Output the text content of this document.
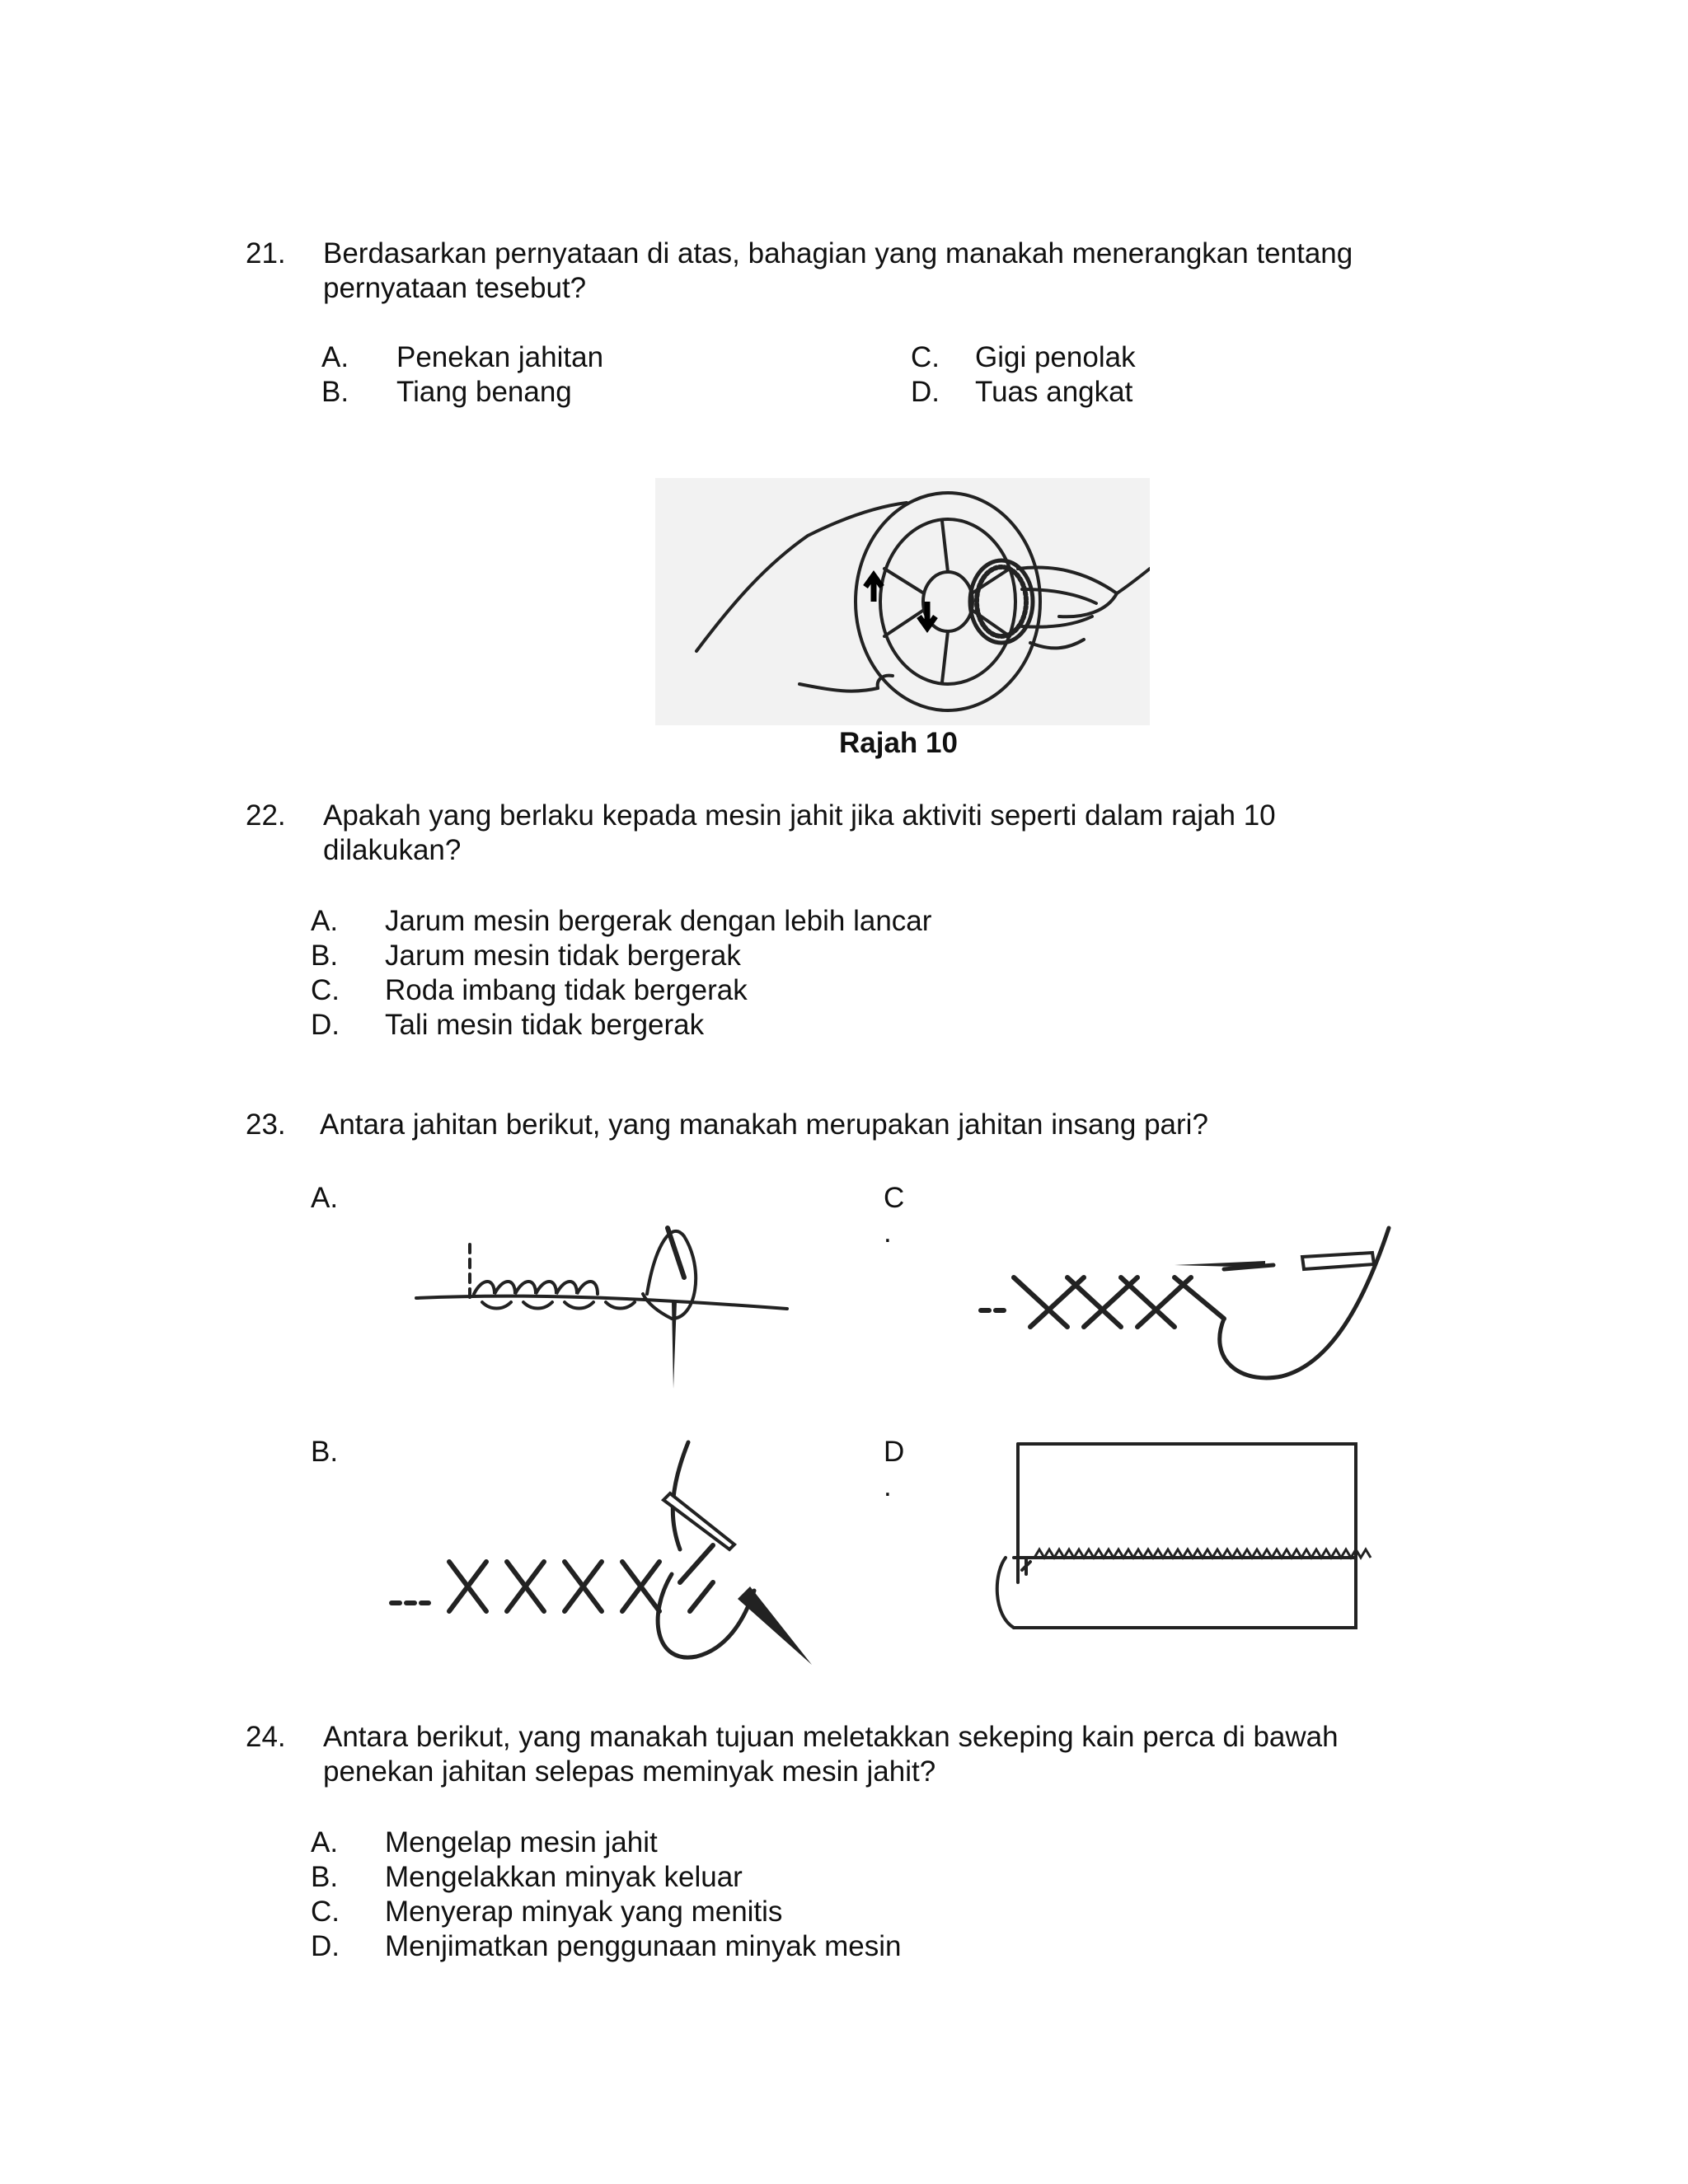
21. Berdasarkan pernyataan di atas, bahagian yang manakah menerangkan tentang
pernyataan tesebut?
A. Penekan jahitan
B. Tiang benang
C. Gigi penolak
D. Tuas angkat
Rajah 10
22. Apakah yang berlaku kepada mesin jahit jika aktiviti seperti dalam rajah 10
dilakukan?
A. Jarum mesin bergerak dengan lebih lancar
B. Jarum mesin tidak bergerak
C. Roda imbang tidak bergerak
D. Tali mesin tidak bergerak
23. Antara jahitan berikut, yang manakah merupakan jahitan insang pari?
A.
B.
C
.
D
.
24. Antara berikut, yang manakah tujuan meletakkan sekeping kain perca di bawah
penekan jahitan selepas meminyak mesin jahit?
A. Mengelap mesin jahit
B. Mengelakkan minyak keluar
C. Menyerap minyak yang menitis
D. Menjimatkan penggunaan minyak mesin
